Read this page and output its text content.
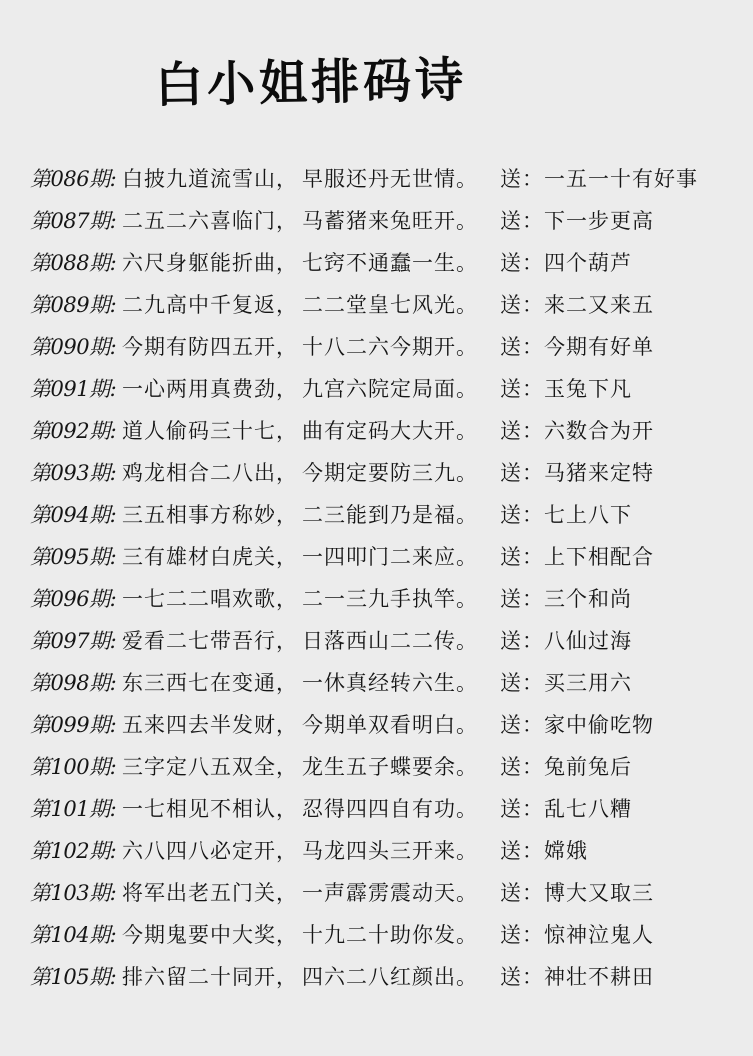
白小姐排码诗
第086期: 白披九道流雪山， 早服还丹无世情。 送：一五一十有好事
第087期: 二五二六喜临门， 马蓄猪来兔旺开。 送：下一步更高
第088期: 六尺身躯能折曲， 七窍不通蠢一生。 送：四个葫芦
第089期: 二九高中千复返， 二二堂皇七风光。 送：来二又来五
第090期: 今期有防四五开， 十八二六今期开。 送：今期有好单
第091期: 一心两用真费劲， 九宫六院定局面。 送：玉兔下凡
第092期: 道人偷码三十七， 曲有定码大大开。 送：六数合为开
第093期: 鸡龙相合二八出， 今期定要防三九。 送：马猪来定特
第094期: 三五相事方称妙， 二三能到乃是福。 送：七上八下
第095期: 三有雄材白虎关， 一四叩门二来应。 送：上下相配合
第096期: 一七二二唱欢歌， 二一三九手执竿。 送：三个和尚
第097期: 爱看二七带吾行， 日落西山二二传。 送：八仙过海
第098期: 东三西七在变通， 一休真经转六生。 送：买三用六
第099期: 五来四去半发财， 今期单双看明白。 送：家中偷吃物
第100期: 三字定八五双全， 龙生五子蝶要余。 送：兔前兔后
第101期: 一七相见不相认， 忍得四四自有功。 送：乱七八糟
第102期: 六八四八必定开， 马龙四头三开来。 送：嫦娥
第103期: 将军出老五门关， 一声霹雳震动天。 送：博大又取三
第104期: 今期鬼要中大奖， 十九二十助你发。 送：惊神泣鬼人
第105期: 排六留二十同开， 四六二八红颜出。 送：神壮不耕田
